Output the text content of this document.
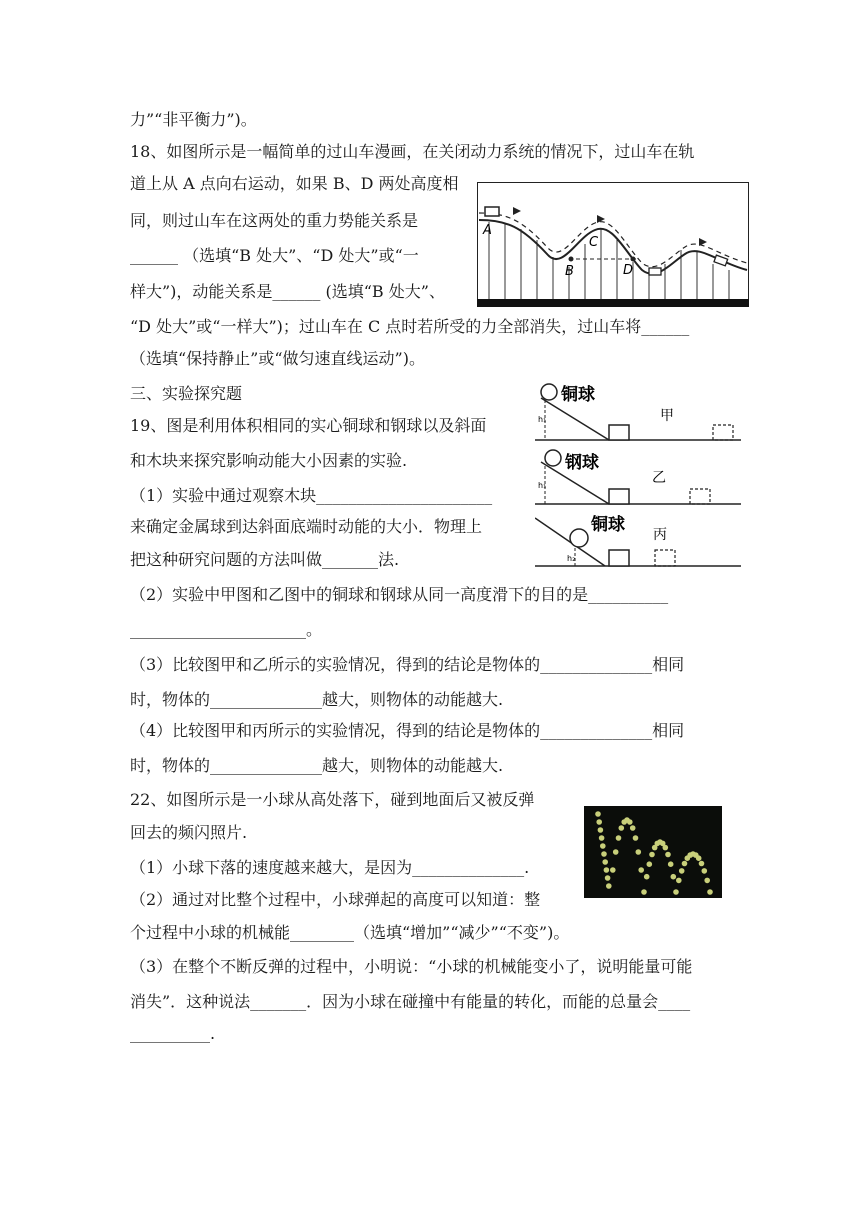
力”“非平衡力”)。
18、如图所示是一幅简单的过山车漫画，在关闭动力系统的情况下，过山车在轨
道上从 A 点向右运动，如果 B、D 两处高度相
同，则过山车在这两处的重力势能关系是
______ （选填“B 处大”、“D 处大”或“一
样大”)，动能关系是______ (选填“B 处大”、
“D 处大”或“一样大”)；过山车在 C 点时若所受的力全部消失，过山车将______
（选填“保持静止”或“做匀速直线运动”)。
三、实验探究题
19、图是利用体积相同的实心铜球和钢球以及斜面
和木块来探究影响动能大小因素的实验.
（1）实验中通过观察木块______________________
来确定金属球到达斜面底端时动能的大小．物理上
把这种研究问题的方法叫做_______法.
（2）实验中甲图和乙图中的铜球和钢球从同一高度滑下的目的是__________
______________________。
（3）比较图甲和乙所示的实验情况，得到的结论是物体的______________相同
时，物体的______________越大，则物体的动能越大.
（4）比较图甲和丙所示的实验情况，得到的结论是物体的______________相同
时，物体的______________越大，则物体的动能越大.
22、如图所示是一小球从高处落下，碰到地面后又被反弹
回去的频闪照片.
（1）小球下落的速度越来越大，是因为______________.
（2）通过对比整个过程中，小球弹起的高度可以知道：整
个过程中小球的机械能________（选填“增加”“减少”“不变”)。
（3）在整个不断反弹的过程中，小明说：“小球的机械能变小了，说明能量可能
消失”．这种说法_______．因为小球在碰撞中有能量的转化，而能的总量会____
__________.
A
B
C
D
h₁
铜球
甲
h₁
钢球
乙
h₂
铜球 丙
